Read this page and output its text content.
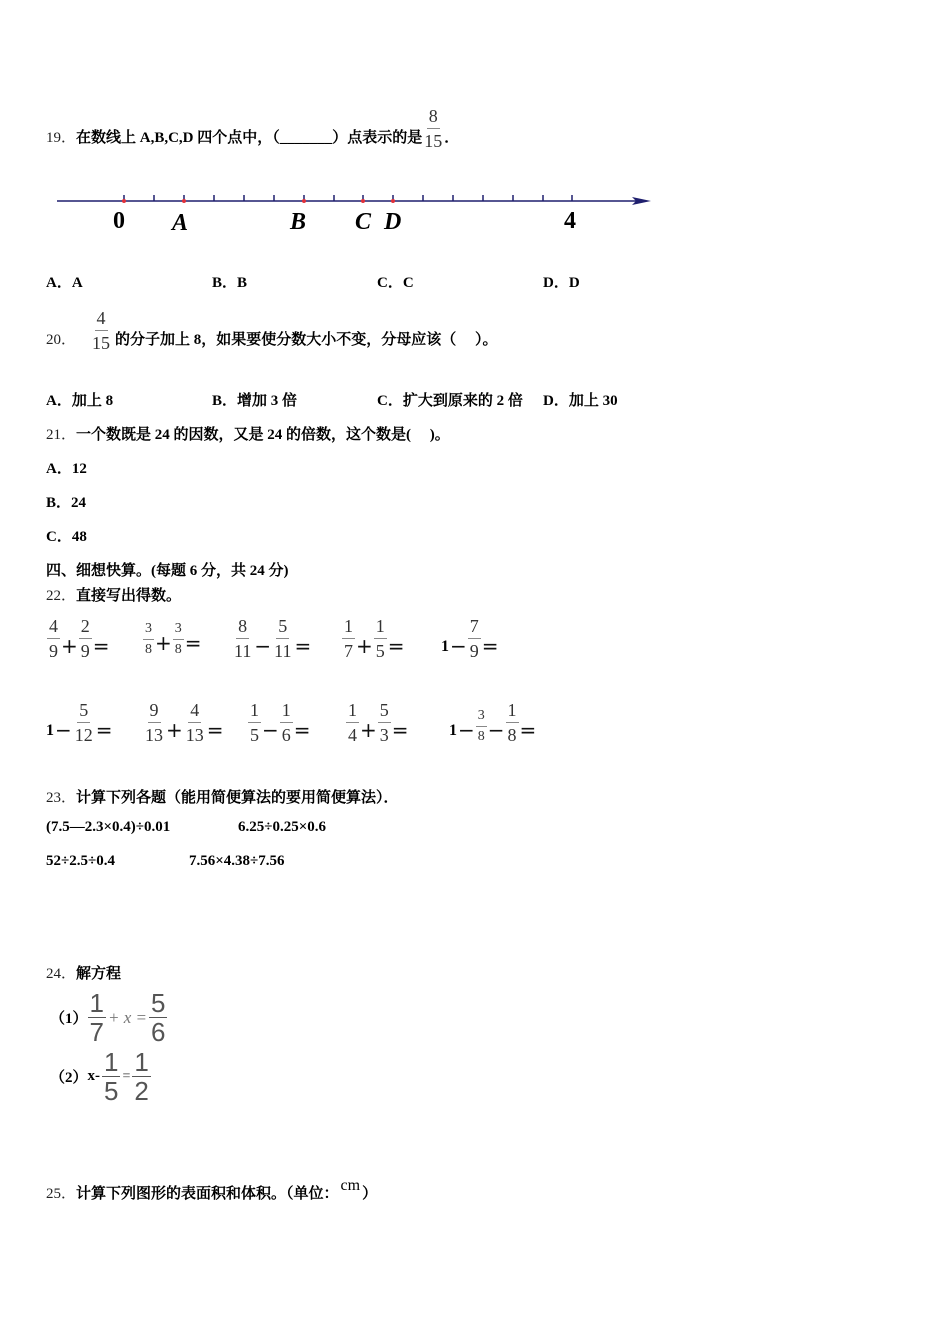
19． 在数线上 A,B,C,D 四个点中，（ _______ ）点表示的是 $\frac{8}{15}$ ．
0 A	B C D	4
A．A	B．B	C．C	D．D
20． $\frac{4}{15}$ 的分子加上 8，如果要使分数大小不变，分母应该（　 ）。
A．加上 8	B．增加 3 倍	C．扩大到原来的 2 倍 D．加上 30
21．一个数既是 24 的因数，又是 24 的倍数，这个数是(　 )。
A．12
B．24
C．48
四、细想快算。(每题 6 分，共 24 分)
22．直接写出得数。
$\frac{4}{9} + \frac{2}{9} = \frac{3}{8} + \frac{3}{8} = \frac{8}{11} - \frac{5}{11} = \frac{1}{7} + \frac{1}{5} = 1 - \frac{7}{9}$ =
$1 - \frac{5}{12} = \frac{9}{13} + \frac{4}{13} = \frac{1}{5} - \frac{1}{6} = \frac{1}{4} + \frac{5}{3}$ =	$1 - \frac{3}{8} - \frac{1}{8}$ =
23．计算下列各题（能用简便算法的要用简便算法）．
(7.5—2.3×0.4)÷0.01	6.25÷0.25×0.6
52÷2.5÷0.4	7.56×4.38÷7.56
24．解方程
$(1) \frac{1}{7} + x = \frac{5}{6}$
（2） $x- \frac{1}{5} = \frac{1}{2}$
25． 计算下列图形的表面积和体积。（单位： cm ）
